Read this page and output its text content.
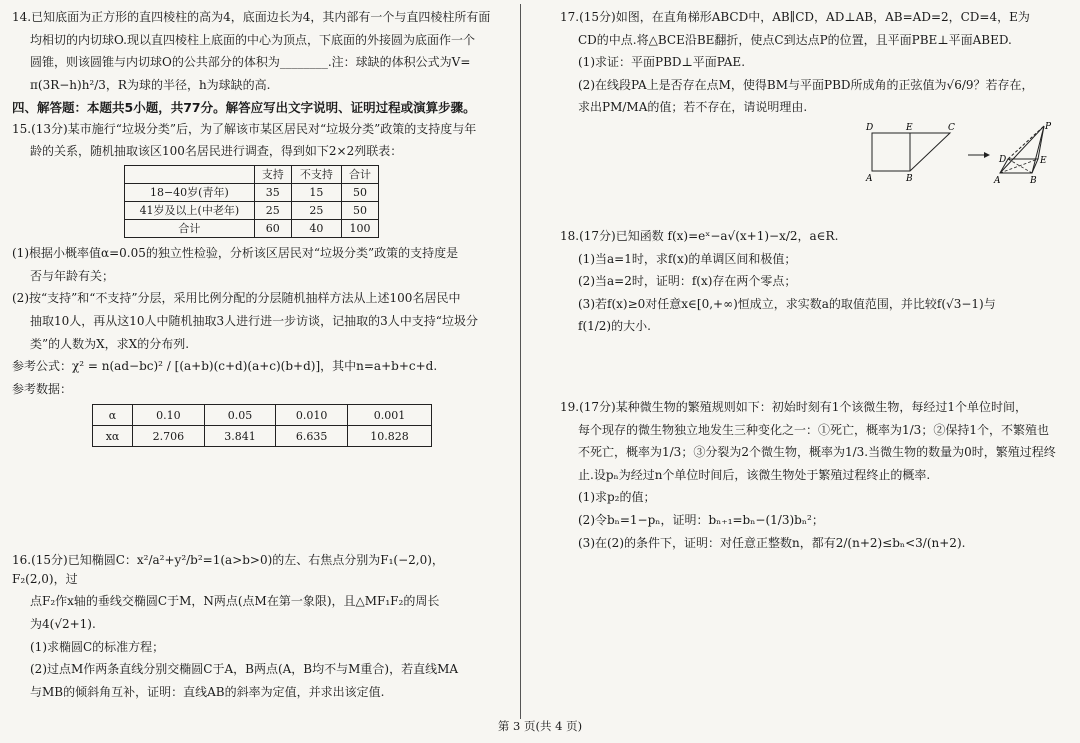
14.已知底面为正方形的直四棱柱的高为4，底面边长为4，其内部有一个与直四棱柱所有面

均相切的内切球O.现以直四棱柱上底面的中心为顶点，下底面的外接圆为底面作一个

圆锥，则该圆锥与内切球O的公共部分的体积为________.注：球缺的体积公式为V=

π(3R−h)h²/3，R为球的半径，h为球缺的高.

四、解答题：本题共5小题，共77分。解答应写出文字说明、证明过程或演算步骤。

15.(13分)某市施行“垃圾分类”后，为了解该市某区居民对“垃圾分类”政策的支持度与年

龄的关系，随机抽取该区100名居民进行调查，得到如下2×2列联表：

	支持	不支持	合计
18−40岁(青年)	35	15	50
41岁及以上(中老年)	25	25	50
合计	60	40	100

(1)根据小概率值α=0.05的独立性检验，分析该区居民对“垃圾分类”政策的支持度是

否与年龄有关；

(2)按“支持”和“不支持”分层，采用比例分配的分层随机抽样方法从上述100名居民中

抽取10人，再从这10人中随机抽取3人进行进一步访谈，记抽取的3人中支持“垃圾分

类”的人数为X，求X的分布列.

参考公式：χ² = n(ad−bc)² / [(a+b)(c+d)(a+c)(b+d)]，其中n=a+b+c+d.

参考数据：

α	0.10	0.05	0.010	0.001
xα	2.706	3.841	6.635	10.828

16.(15分)已知椭圆C：x²/a²+y²/b²=1(a>b>0)的左、右焦点分别为F₁(−2,0)，F₂(2,0)，过

点F₂作x轴的垂线交椭圆C于M，N两点(点M在第一象限)，且△MF₁F₂的周长

为4(√2+1).

(1)求椭圆C的标准方程；

(2)过点M作两条直线分别交椭圆C于A，B两点(A，B均不与M重合)，若直线MA

与MB的倾斜角互补，证明：直线AB的斜率为定值，并求出该定值.

17.(15分)如图，在直角梯形ABCD中，AB∥CD，AD⊥AB，AB=AD=2，CD=4，E为

CD的中点.将△BCE沿BE翻折，使点C到达点P的位置，且平面PBE⊥平面ABED.

(1)求证：平面PBD⊥平面PAE.

(2)在线段PA上是否存在点M，使得BM与平面PBD所成角的正弦值为√6/9？若存在，

求出PM/MA的值；若不存在，请说明理由.

D	E	C
A	B
P
D	E
A	B

18.(17分)已知函数 f(x)=eˣ−a√(x+1)−x/2，a∈R.

(1)当a=1时，求f(x)的单调区间和极值；

(2)当a=2时，证明：f(x)存在两个零点；

(3)若f(x)≥0对任意x∈[0,+∞)恒成立，求实数a的取值范围，并比较f(√3−1)与

f(1/2)的大小.

19.(17分)某种微生物的繁殖规则如下：初始时刻有1个该微生物，每经过1个单位时间，

每个现存的微生物独立地发生三种变化之一：①死亡，概率为1/3；②保持1个，不繁殖也

不死亡，概率为1/3；③分裂为2个微生物，概率为1/3.当微生物的数量为0时，繁殖过程终

止.设pₙ为经过n个单位时间后，该微生物处于繁殖过程终止的概率.

(1)求p₂的值；

(2)令bₙ=1−pₙ，证明：bₙ₊₁=bₙ−(1/3)bₙ²；

(3)在(2)的条件下，证明：对任意正整数n，都有2/(n+2)≤bₙ<3/(n+2).

第 3 页(共 4 页)
